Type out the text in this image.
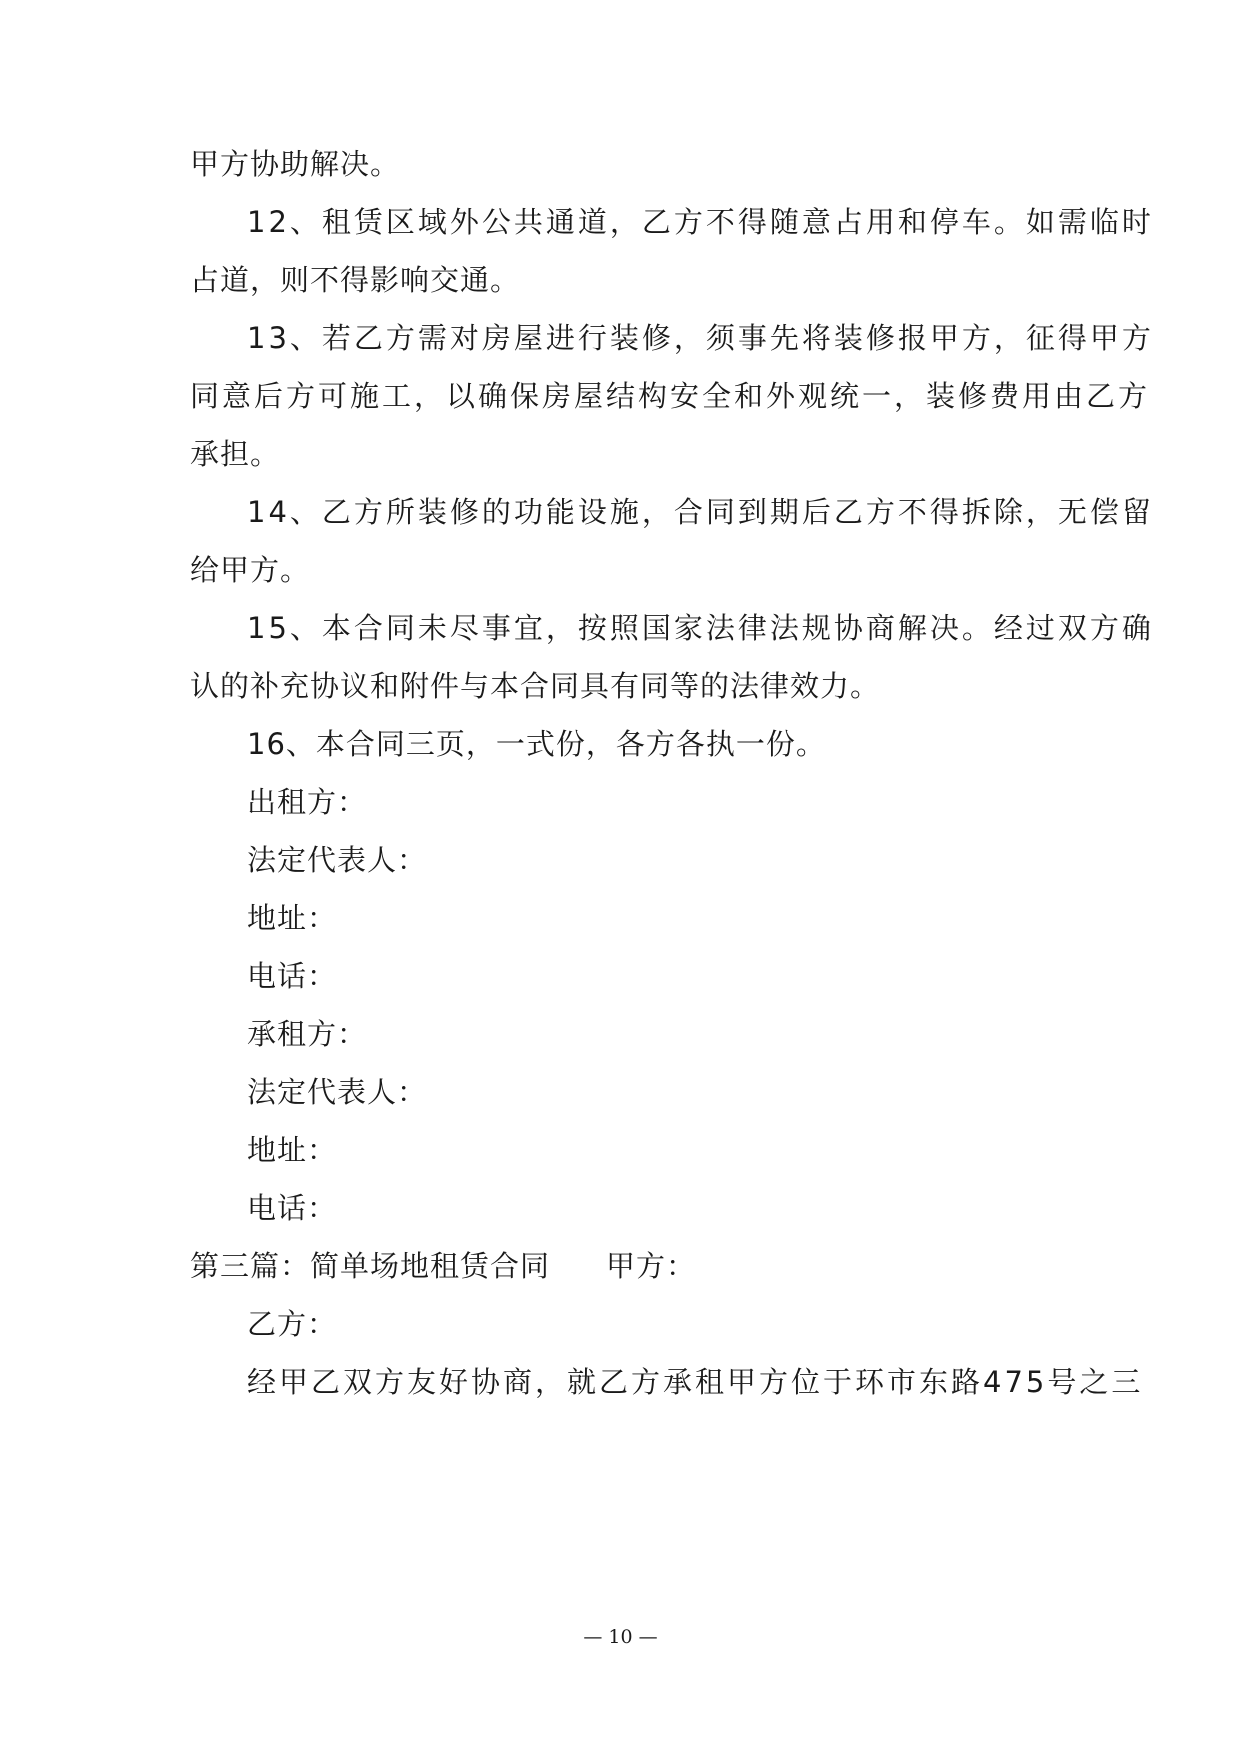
甲方协助解决。
12、租赁区域外公共通道，乙方不得随意占用和停车。如需临时
占道，则不得影响交通。
13、若乙方需对房屋进行装修，须事先将装修报甲方，征得甲方
同意后方可施工，以确保房屋结构安全和外观统一，装修费用由乙方
承担。
14、乙方所装修的功能设施，合同到期后乙方不得拆除，无偿留
给甲方。
15、本合同未尽事宜，按照国家法律法规协商解决。经过双方确
认的补充协议和附件与本合同具有同等的法律效力。
16、本合同三页，一式份，各方各执一份。
出租方：
法定代表人：
地址：
电话：
承租方：
法定代表人：
地址：
电话：
第三篇：简单场地租赁合同 甲方：
乙方：
经甲乙双方友好协商，就乙方承租甲方位于环市东路475号之三
— 10 —
